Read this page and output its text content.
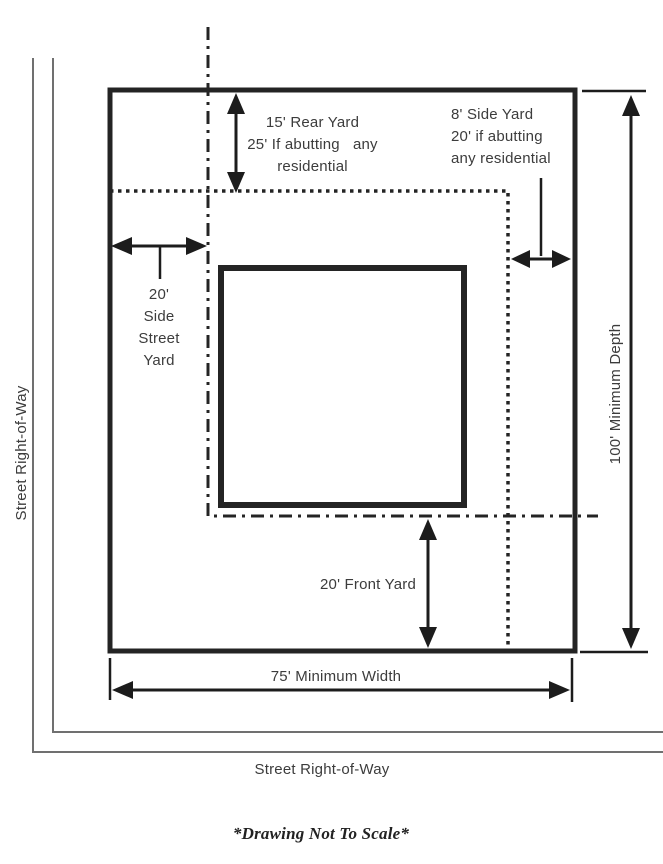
15' Rear Yard
25' If abutting   any
residential
8' Side Yard
20' if abutting
any residential
20'
Side
Street
Yard
20' Front Yard
100' Minimum Depth
Street Right-of-Way
75' Minimum Width
Street Right-of-Way
*Drawing Not To Scale*
